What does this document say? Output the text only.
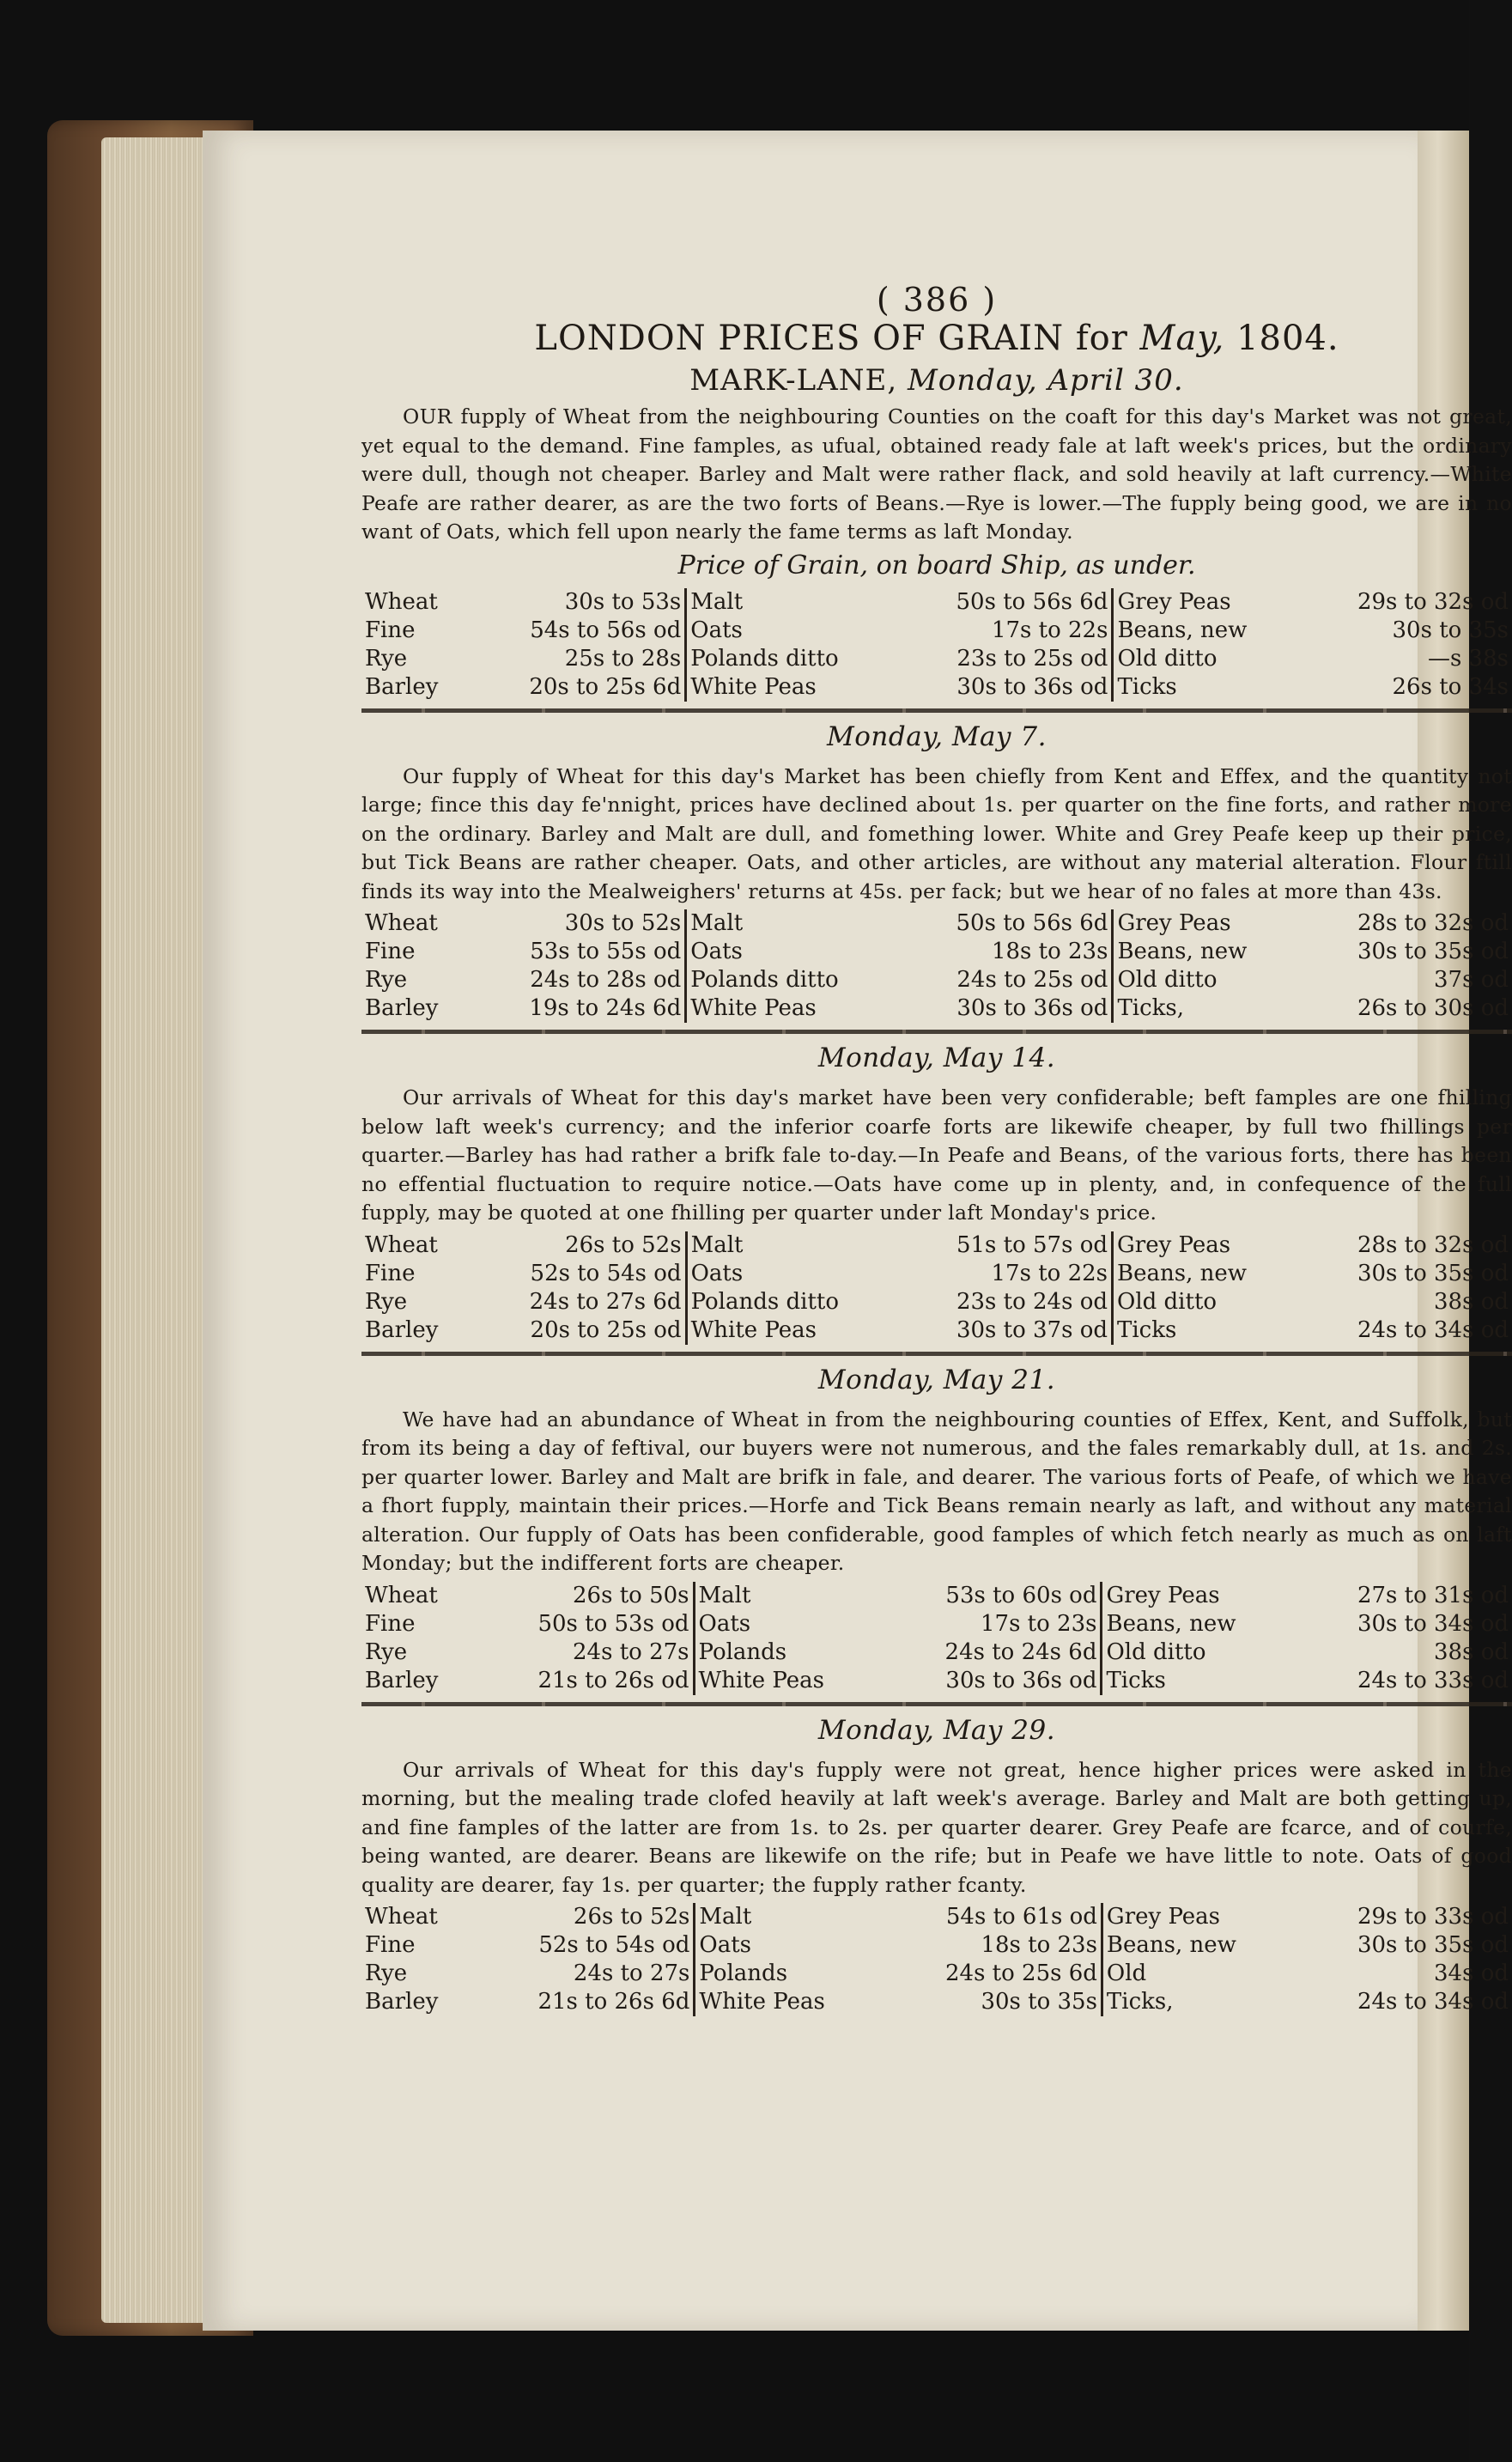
( 386 )

LONDON PRICES OF GRAIN for May, 1804.

MARK-LANE, Monday, April 30.

OUR fupply of Wheat from the neighbouring Counties on the coaft for this day's Market was not great, yet equal to the demand. Fine famples, as ufual, obtained ready fale at laft week's prices, but the ordinary were dull, though not cheaper. Barley and Malt were rather flack, and sold heavily at laft currency.—White Peafe are rather dearer, as are the two forts of Beans.—Rye is lower.—The fupply being good, we are in no want of Oats, which fell upon nearly the fame terms as laft Monday.

Price of Grain, on board Ship, as under.

Wheat	30s to 53s	Malt	50s to 56s 6d	Grey Peas	29s to 32s od
Fine	54s to 56s od	Oats	17s to 22s	Beans, new	30s to 35s
Rye	25s to 28s	Polands ditto	23s to 25s od	Old ditto	—s 38s
Barley	20s to 25s 6d	White Peas	30s to 36s od	Ticks	26s to 34s

Monday, May 7.

Our fupply of Wheat for this day's Market has been chiefly from Kent and Effex, and the quantity not large; fince this day fe'nnight, prices have declined about 1s. per quarter on the fine forts, and rather more on the ordinary. Barley and Malt are dull, and fomething lower. White and Grey Peafe keep up their price, but Tick Beans are rather cheaper. Oats, and other articles, are without any material alteration. Flour ftill finds its way into the Mealweighers' returns at 45s. per fack; but we hear of no fales at more than 43s.

Wheat	30s to 52s	Malt	50s to 56s 6d	Grey Peas	28s to 32s od
Fine	53s to 55s od	Oats	18s to 23s	Beans, new	30s to 35s od
Rye	24s to 28s od	Polands ditto	24s to 25s od	Old ditto	37s od
Barley	19s to 24s 6d	White Peas	30s to 36s od	Ticks,	26s to 30s od

Monday, May 14.

Our arrivals of Wheat for this day's market have been very confiderable; beft famples are one fhilling below laft week's currency; and the inferior coarfe forts are likewife cheaper, by full two fhillings per quarter.—Barley has had rather a brifk fale to-day.—In Peafe and Beans, of the various forts, there has been no effential fluctuation to require notice.—Oats have come up in plenty, and, in confequence of the full fupply, may be quoted at one fhilling per quarter under laft Monday's price.

Wheat	26s to 52s	Malt	51s to 57s od	Grey Peas	28s to 32s od
Fine	52s to 54s od	Oats	17s to 22s	Beans, new	30s to 35s od
Rye	24s to 27s 6d	Polands ditto	23s to 24s od	Old ditto	38s od
Barley	20s to 25s od	White Peas	30s to 37s od	Ticks	24s to 34s od

Monday, May 21.

We have had an abundance of Wheat in from the neighbouring counties of Effex, Kent, and Suffolk, but from its being a day of feftival, our buyers were not numerous, and the fales remarkably dull, at 1s. and 2s. per quarter lower. Barley and Malt are brifk in fale, and dearer. The various forts of Peafe, of which we have a fhort fupply, maintain their prices.—Horfe and Tick Beans remain nearly as laft, and without any material alteration. Our fupply of Oats has been confiderable, good famples of which fetch nearly as much as on laft Monday; but the indifferent forts are cheaper.

Wheat	26s to 50s	Malt	53s to 60s od	Grey Peas	27s to 31s od
Fine	50s to 53s od	Oats	17s to 23s	Beans, new	30s to 34s od
Rye	24s to 27s	Polands	24s to 24s 6d	Old ditto	38s od
Barley	21s to 26s od	White Peas	30s to 36s od	Ticks	24s to 33s od

Monday, May 29.

Our arrivals of Wheat for this day's fupply were not great, hence higher prices were asked in the morning, but the mealing trade clofed heavily at laft week's average. Barley and Malt are both getting up, and fine famples of the latter are from 1s. to 2s. per quarter dearer. Grey Peafe are fcarce, and of courfe, being wanted, are dearer. Beans are likewife on the rife; but in Peafe we have little to note. Oats of good quality are dearer, fay 1s. per quarter; the fupply rather fcanty.

Wheat	26s to 52s	Malt	54s to 61s od	Grey Peas	29s to 33s od
Fine	52s to 54s od	Oats	18s to 23s	Beans, new	30s to 35s od
Rye	24s to 27s	Polands	24s to 25s 6d	Old	34s od
Barley	21s to 26s 6d	White Peas	30s to 35s	Ticks,	24s to 34s od
